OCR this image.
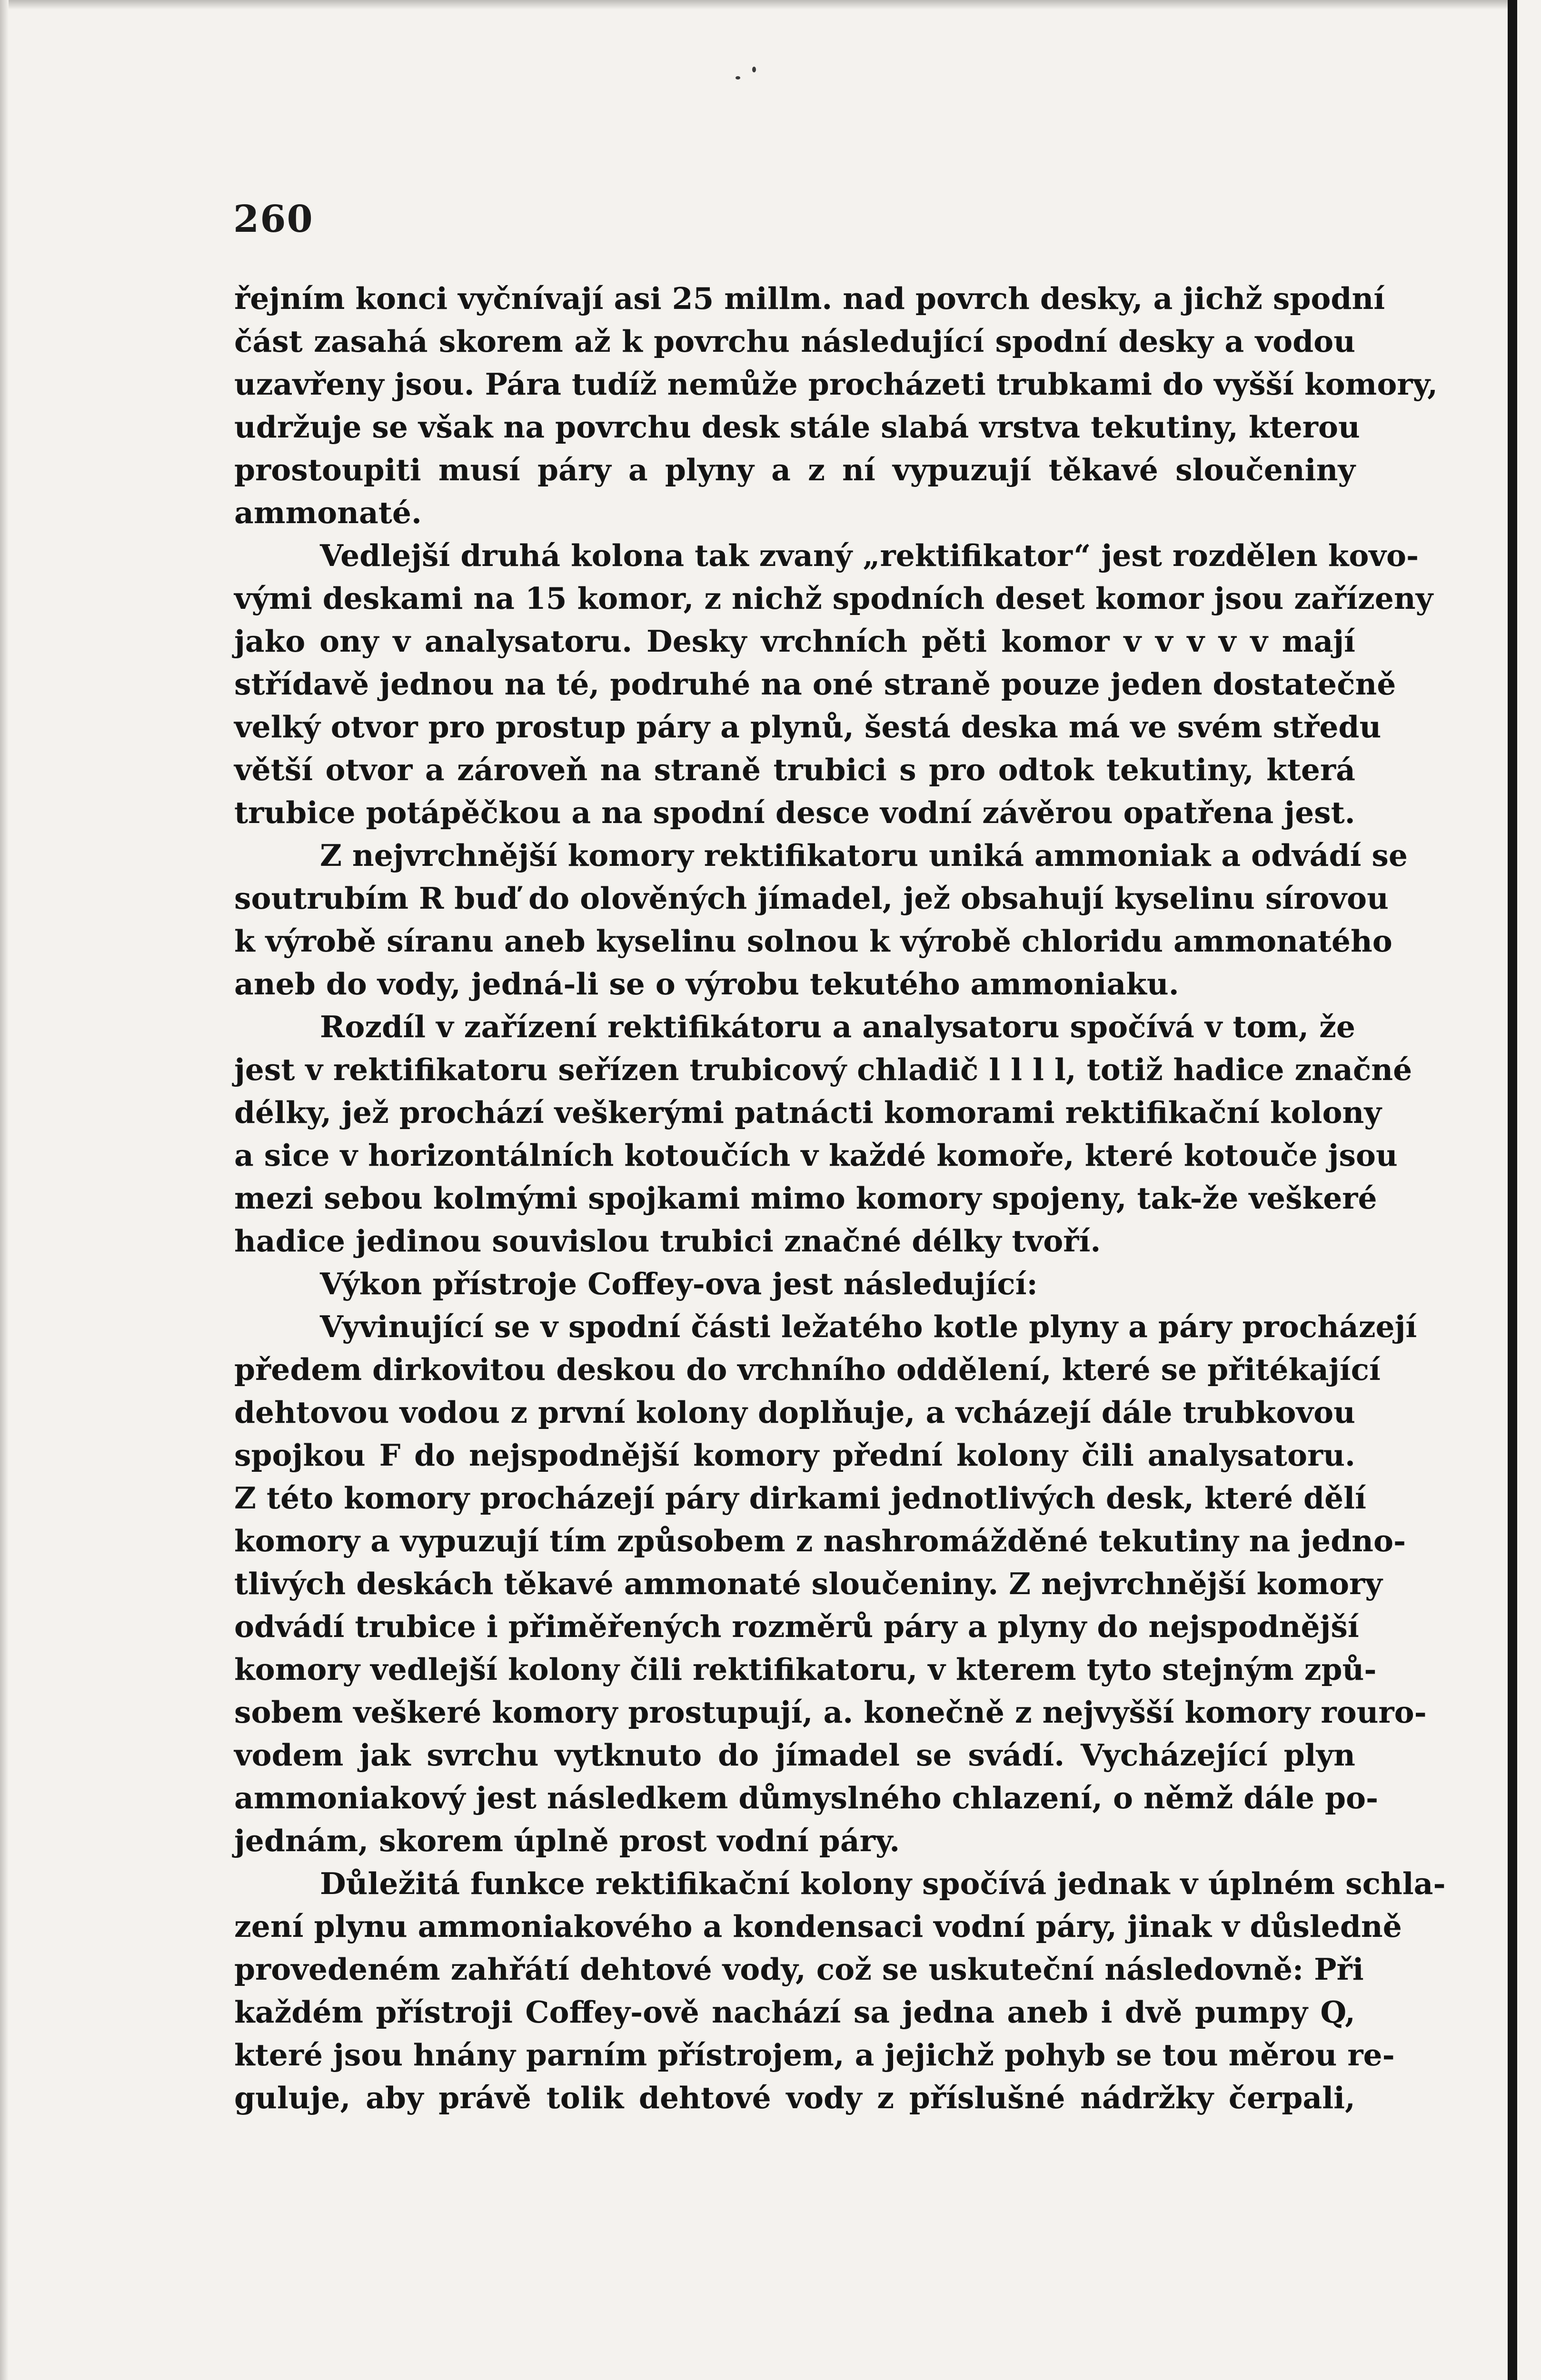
260
řejním konci vyčnívají asi 25 millm. nad povrch desky, a jichž spodní
část zasahá skorem až k povrchu následující spodní desky a vodou
uzavřeny jsou. Pára tudíž nemůže procházeti trubkami do vyšší komory,
udržuje se však na povrchu desk stále slabá vrstva tekutiny, kterou
prostoupiti musí páry a plyny a z ní vypuzují těkavé sloučeniny
ammonaté.
Vedlejší druhá kolona tak zvaný „rektifikator“ jest rozdělen kovo-
vými deskami na 15 komor, z nichž spodních deset komor jsou zařízeny
jako ony v analysatoru. Desky vrchních pěti komor v v v v v mají
střídavě jednou na té, podruhé na oné straně pouze jeden dostatečně
velký otvor pro prostup páry a plynů, šestá deska má ve svém středu
větší otvor a zároveň na straně trubici s pro odtok tekutiny, která
trubice potápěčkou a na spodní desce vodní závěrou opatřena jest.
Z nejvrchnější komory rektifikatoru uniká ammoniak a odvádí se
soutrubím R buď do olověných jímadel, jež obsahují kyselinu sírovou
k výrobě síranu aneb kyselinu solnou k výrobě chloridu ammonatého
aneb do vody, jedná-li se o výrobu tekutého ammoniaku.
Rozdíl v zařízení rektifikátoru a analysatoru spočívá v tom, že
jest v rektifikatoru seřízen trubicový chladič l l l l, totiž hadice značné
délky, jež prochází veškerými patnácti komorami rektifikační kolony
a sice v horizontálních kotoučích v každé komoře, které kotouče jsou
mezi sebou kolmými spojkami mimo komory spojeny, tak-že veškeré
hadice jedinou souvislou trubici značné délky tvoří.
Výkon přístroje Coffey-ova jest následující:
Vyvinující se v spodní části ležatého kotle plyny a páry procházejí
předem dirkovitou deskou do vrchního oddělení, které se přitékající
dehtovou vodou z první kolony doplňuje, a vcházejí dále trubkovou
spojkou F do nejspodnější komory přední kolony čili analysatoru.
Z této komory procházejí páry dirkami jednotlivých desk, které dělí
komory a vypuzují tím způsobem z nashromážděné tekutiny na jedno-
tlivých deskách těkavé ammonaté sloučeniny. Z nejvrchnější komory
odvádí trubice i přiměřených rozměrů páry a plyny do nejspodnější
komory vedlejší kolony čili rektifikatoru, v kterem tyto stejným způ-
sobem veškeré komory prostupují, a. konečně z nejvyšší komory rouro-
vodem jak svrchu vytknuto do jímadel se svádí. Vycházející plyn
ammoniakový jest následkem důmyslného chlazení, o němž dále po-
jednám, skorem úplně prost vodní páry.
Důležitá funkce rektifikační kolony spočívá jednak v úplném schla-
zení plynu ammoniakového a kondensaci vodní páry, jinak v důsledně
provedeném zahřátí dehtové vody, což se uskuteční následovně: Při
každém přístroji Coffey-ově nachází sa jedna aneb i dvě pumpy Q,
které jsou hnány parním přístrojem, a jejichž pohyb se tou měrou re-
guluje, aby právě tolik dehtové vody z příslušné nádržky čerpali,
